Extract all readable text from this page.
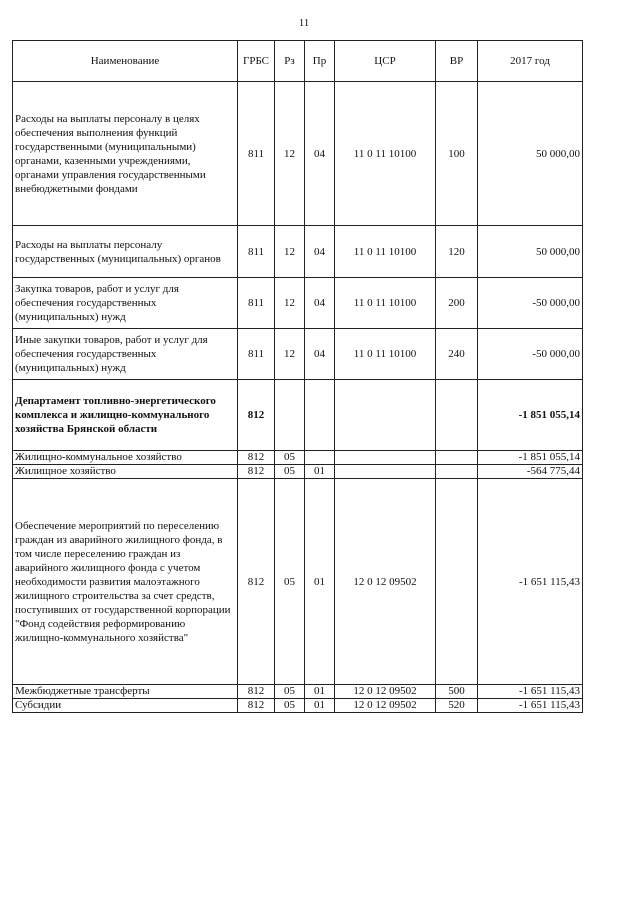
11
Наименование	ГРБС	Рз	Пр	ЦСР	ВР	2017 год
Расходы на выплаты персоналу в целях обеспечения выполнения функций государственными (муниципальными) органами, казенными учреждениями, органами управления государственными внебюджетными фондами	811	12	04	11 0 11 10100	100	50 000,00
Расходы на выплаты персоналу государственных (муниципальных) органов	811	12	04	11 0 11 10100	120	50 000,00
Закупка товаров, работ и услуг для обеспечения государственных (муниципальных) нужд	811	12	04	11 0 11 10100	200	-50 000,00
Иные закупки товаров, работ и услуг для обеспечения государственных (муниципальных) нужд	811	12	04	11 0 11 10100	240	-50 000,00
Департамент топливно-энергетического комплекса и жилищно-коммунального хозяйства Брянской области	812					-1 851 055,14
Жилищно-коммунальное хозяйство	812	05				-1 851 055,14
Жилищное хозяйство	812	05	01			-564 775,44
Обеспечение мероприятий по переселению граждан из аварийного жилищного фонда, в том числе переселению граждан из аварийного жилищного фонда с учетом необходимости развития малоэтажного жилищного строительства за счет средств, поступивших от государственной корпорации "Фонд содействия реформированию жилищно-коммунального хозяйства"	812	05	01	12 0 12 09502		-1 651 115,43
Межбюджетные трансферты	812	05	01	12 0 12 09502	500	-1 651 115,43
Субсидии	812	05	01	12 0 12 09502	520	-1 651 115,43
